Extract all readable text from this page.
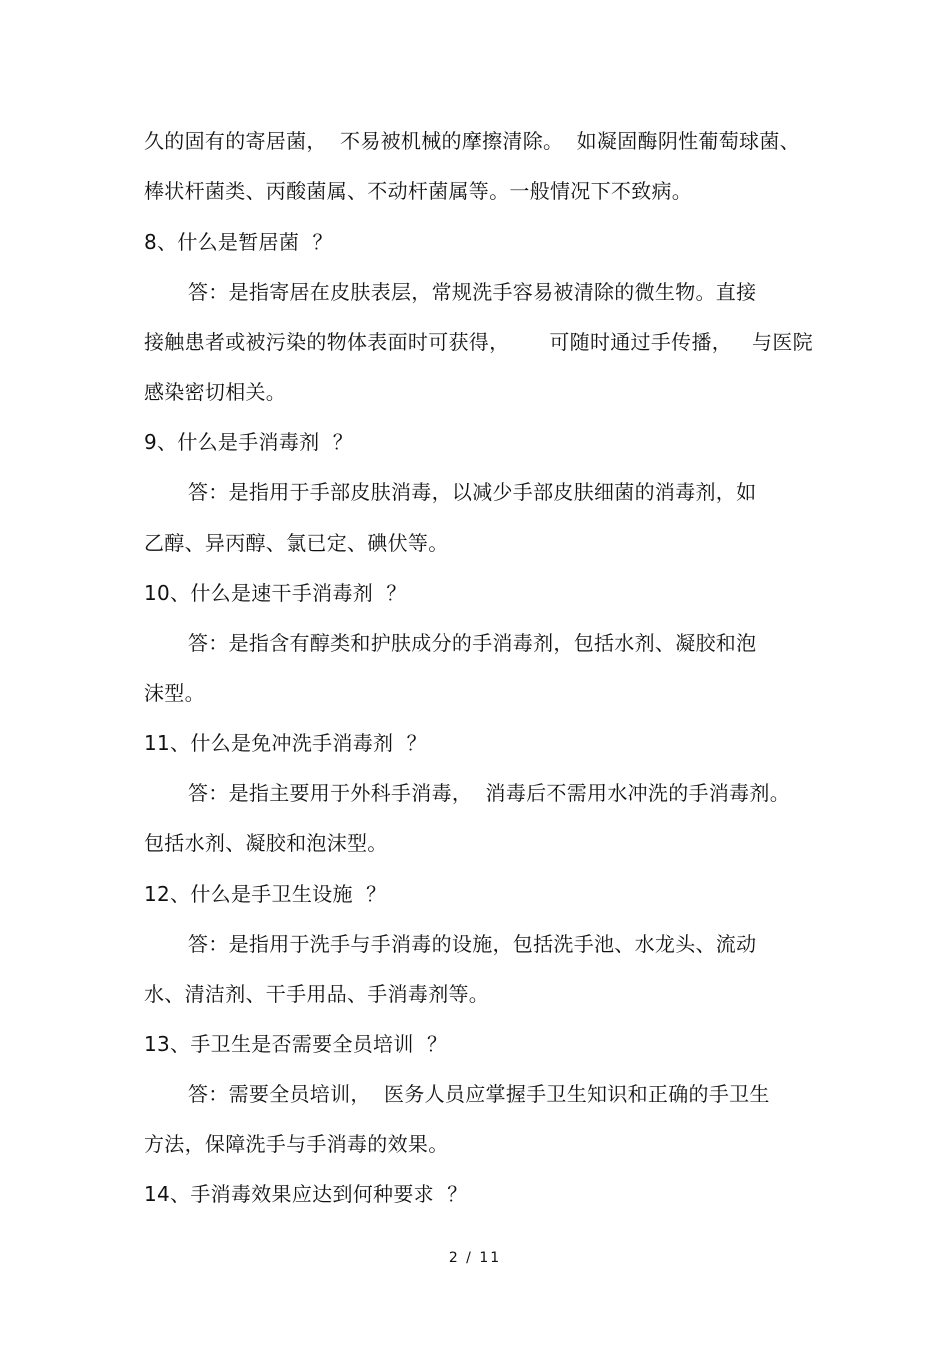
久的固有的寄居菌，  不易被机械的摩擦清除。  如凝固酶阴性葡萄球菌、
棒状杆菌类、丙酸菌属、不动杆菌属等。一般情况下不致病。
8、什么是暂居菌  ？
答：是指寄居在皮肤表层，常规洗手容易被清除的微生物。直接
接触患者或被污染的物体表面时可获得，      可随时通过手传播，   与医院
感染密切相关。
9、什么是手消毒剂  ？
答：是指用于手部皮肤消毒，以减少手部皮肤细菌的消毒剂，如
乙醇、异丙醇、氯已定、碘伏等。
10、什么是速干手消毒剂  ？
答：是指含有醇类和护肤成分的手消毒剂，包括水剂、凝胶和泡
沫型。
11、什么是免冲洗手消毒剂  ？
答：是指主要用于外科手消毒，  消毒后不需用水冲洗的手消毒剂。
包括水剂、凝胶和泡沫型。
12、什么是手卫生设施  ？
答：是指用于洗手与手消毒的设施，包括洗手池、水龙头、流动
水、清洁剂、干手用品、手消毒剂等。
13、手卫生是否需要全员培训  ？
答：需要全员培训，  医务人员应掌握手卫生知识和正确的手卫生
方法，保障洗手与手消毒的效果。
14、手消毒效果应达到何种要求  ？
2 / 11
